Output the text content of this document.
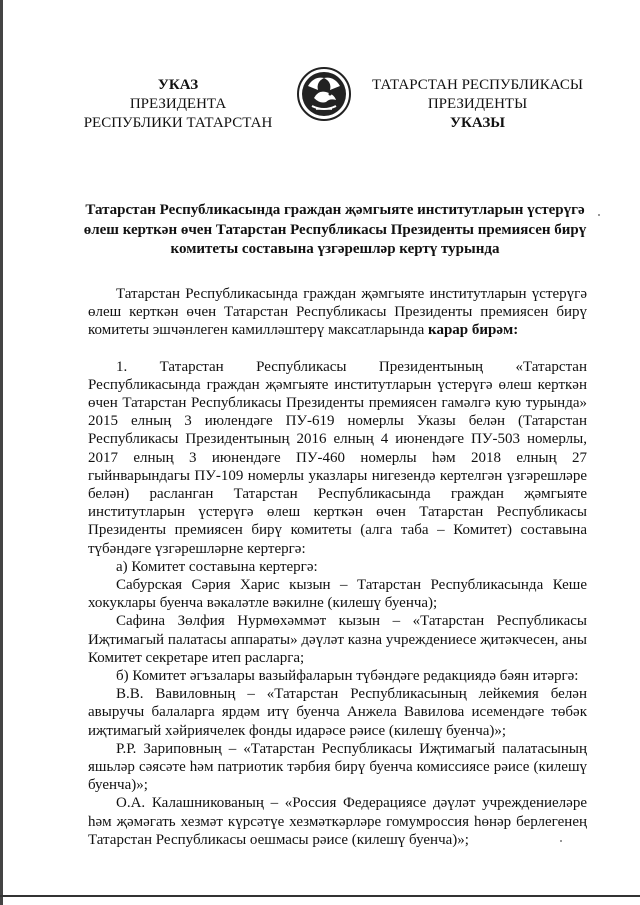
УКАЗ
ПРЕЗИДЕНТА
РЕСПУБЛИКИ ТАТАРСТАН
ТАТАРСТАН РЕСПУБЛИКАСЫ
ПРЕЗИДЕНТЫ
УКАЗЫ
Татарстан Республикасында граждан җәмгыяте институтларын үстерүгә өлеш керткән өчен Татарстан Республикасы Президенты премиясен бирү комитеты составына үзгәрешләр кертү турында

Татарстан Республикасында граждан җәмгыяте институтларын үстерүгә өлеш керткән өчен Татарстан Республикасы Президенты премиясен бирү комитеты эшчәнлеген камилләштерү максатларында карар бирәм:

1. Татарстан Республикасы Президентының «Татарстан Республикасында граждан җәмгыяте институтларын үстерүгә өлеш керткән өчен Татарстан Республикасы Президенты премиясен гамәлгә кую турында» 2015 елның 3 июлендәге ПУ-619 номерлы Указы белән (Татарстан Республикасы Президентының 2016 елның 4 июнендәге ПУ-503 номерлы, 2017 елның 3 июнендәге ПУ-460 номерлы һәм 2018 елның 27 гыйнварындагы ПУ-109 номерлы указлары нигезендә кертелгән үзгәрешләре белән) расланган Татарстан Республикасында граждан җәмгыяте институтларын үстерүгә өлеш керткән өчен Татарстан Республикасы Президенты премиясен бирү комитеты (алга таба – Комитет) составына түбәндәге үзгәрешләрне кертергә:

а) Комитет составына кертергә:

Сабурская Сәрия Харис кызын – Татарстан Республикасында Кеше хокуклары буенча вәкаләтле вәкилне (килешү буенча);

Сафина Зөлфия Нурмөхәммәт кызын – «Татарстан Республикасы Иҗтимагый палатасы аппараты» дәүләт казна учреждениесе җитәкчесен, аны Комитет секретаре итеп расларга;

б) Комитет әгъзалары вазыйфаларын түбәндәге редакциядә бәян итәргә:

В.В. Вавиловның – «Татарстан Республикасының лейкемия белән авыручы балаларга ярдәм итү буенча Анжела Вавилова исемендәге төбәк иҗтимагый хәйриячелек фонды идарәсе рәисе (килешү буенча)»;

Р.Р. Зариповның – «Татарстан Республикасы Иҗтимагый палатасының яшьләр сәясәте һәм патриотик тәрбия бирү буенча комиссиясе рәисе (килешү буенча)»;

О.А. Калашникованың – «Россия Федерациясе дәүләт учреждениеләре һәм җәмәгать хезмәт күрсәтүе хезмәткәрләре гомумроссия һөнәр берлегенең Татарстан Республикасы оешмасы рәисе (килешү буенча)»;
